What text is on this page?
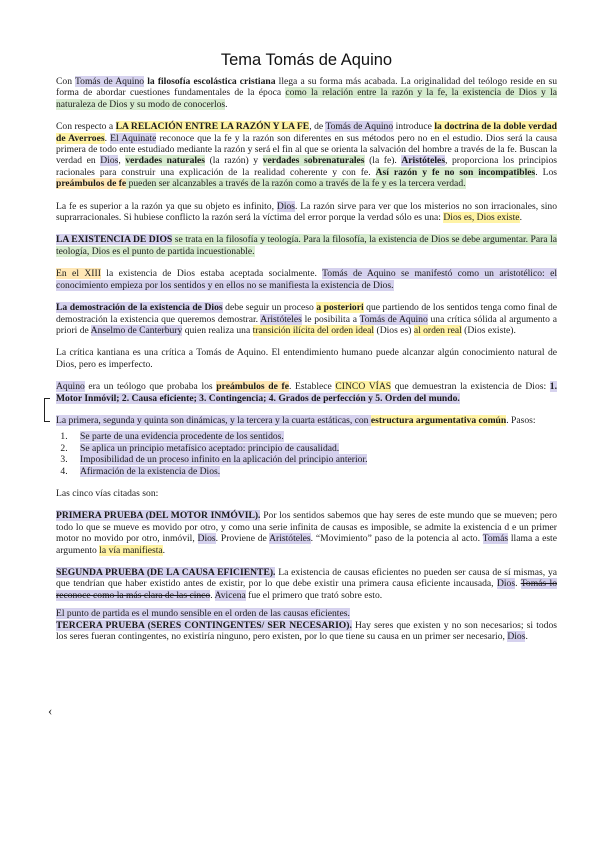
Tema Tomás de Aquino

Con Tomás de Aquino la filosofía escolástica cristiana llega a su forma más acabada. La originalidad del teólogo reside en su forma de abordar cuestiones fundamentales de la época como la relación entre la razón y la fe, la existencia de Dios y la naturaleza de Dios y su modo de conocerlos.

Con respecto a LA RELACIÓN ENTRE LA RAZÓN Y LA FE, de Tomás de Aquino introduce la doctrina de la doble verdad de Averroes. El Aquinate reconoce que la fe y la razón son diferentes en sus métodos pero no en el estudio. Dios será la causa primera de todo ente estudiado mediante la razón y será el fin al que se orienta la salvación del hombre a través de la fe. Buscan la verdad en Dios, verdades naturales (la razón) y verdades sobrenaturales (la fe). Aristóteles, proporciona los principios racionales para construir una explicación de la realidad coherente y con fe. Así razón y fe no son incompatibles. Los preámbulos de fe pueden ser alcanzables a través de la razón como a través de la fe y es la tercera verdad.

La fe es superior a la razón ya que su objeto es infinito, Dios. La razón sirve para ver que los misterios no son irracionales, sino suprarracionales. Si hubiese conflicto la razón será la víctima del error porque la verdad sólo es una: Dios es, Dios existe.

LA EXISTENCIA DE DIOS se trata en la filosofía y teología. Para la filosofía, la existencia de Dios se debe argumentar. Para la teología, Dios es el punto de partida incuestionable.

En el XIII la existencia de Dios estaba aceptada socialmente. Tomás de Aquino se manifestó como un aristotélico: el conocimiento empieza por los sentidos y en ellos no se manifiesta la existencia de Dios.

La demostración de la existencia de Dios debe seguir un proceso a posteriori que partiendo de los sentidos tenga como final de demostración la existencia que queremos demostrar. Aristóteles le posibilita a Tomás de Aquino una crítica sólida al argumento a priori de Anselmo de Canterbury quien realiza una transición ilícita del orden ideal (Dios es) al orden real (Dios existe).

La crítica kantiana es una crítica a Tomás de Aquino. El entendimiento humano puede alcanzar algún conocimiento natural de Dios, pero es imperfecto.

Aquino era un teólogo que probaba los preámbulos de fe. Establece CINCO VÍAS que demuestran la existencia de Dios: 1. Motor Inmóvil; 2. Causa eficiente; 3. Contingencia; 4. Grados de perfección y 5. Orden del mundo.

La primera, segunda y quinta son dinámicas, y la tercera y la cuarta estáticas, con estructura argumentativa común. Pasos:

1. Se parte de una evidencia procedente de los sentidos.
2. Se aplica un principio metafísico aceptado: principio de causalidad.
3. Imposibilidad de un proceso infinito en la aplicación del principio anterior.
4. Afirmación de la existencia de Dios.

Las cinco vías citadas son:

PRIMERA PRUEBA (DEL MOTOR INMÓVIL). Por los sentidos sabemos que hay seres de este mundo que se mueven; pero todo lo que se mueve es movido por otro, y como una serie infinita de causas es imposible, se admite la existencia d e un primer motor no movido por otro, inmóvil, Dios. Proviene de Aristóteles. “Movimiento” paso de la potencia al acto. Tomás llama a este argumento la vía manifiesta.

SEGUNDA PRUEBA (DE LA CAUSA EFICIENTE). La existencia de causas eficientes no pueden ser causa de sí mismas, ya que tendrían que haber existido antes de existir, por lo que debe existir una primera causa eficiente incausada, Dios. Tomás lo reconoce como la más clara de las cinco. Avicena fue el primero que trató sobre esto.

El punto de partida es el mundo sensible en el orden de las causas eficientes.

TERCERA PRUEBA (SERES CONTINGENTES/ SER NECESARIO). Hay seres que existen y no son necesarios; si todos los seres fueran contingentes, no existiría ninguno, pero existen, por lo que tiene su causa en un primer ser necesario, Dios.

‹
